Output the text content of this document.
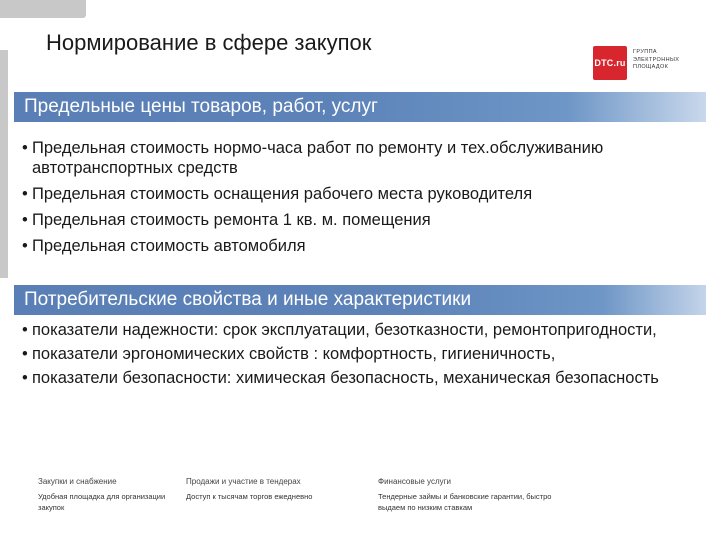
Нормирование в сфере закупок
DTC.ru
ГРУППА
ЭЛЕКТРОННЫХ
ПЛОЩАДОК
Предельные цены товаров, работ, услуг
• Предельная стоимость нормо-часа работ по ремонту и тех.обслуживанию автотранспортных средств
• Предельная стоимость оснащения рабочего места руководителя
• Предельная стоимость ремонта 1 кв. м. помещения
• Предельная стоимость автомобиля
Потребительские свойства и иные характеристики
• показатели надежности: срок эксплуатации, безотказности, ремонтопригодности,
• показатели эргономических свойств : комфортность, гигиеничность,
• показатели безопасности: химическая безопасность, механическая безопасность
Закупки и снабжение
Удобная площадка для организации закупок
Продажи и участие в тендерах
Доступ к тысячам торгов ежедневно
Финансовые услуги
Тендерные займы и банковские гарантии, быстро выдаем по низким ставкам
